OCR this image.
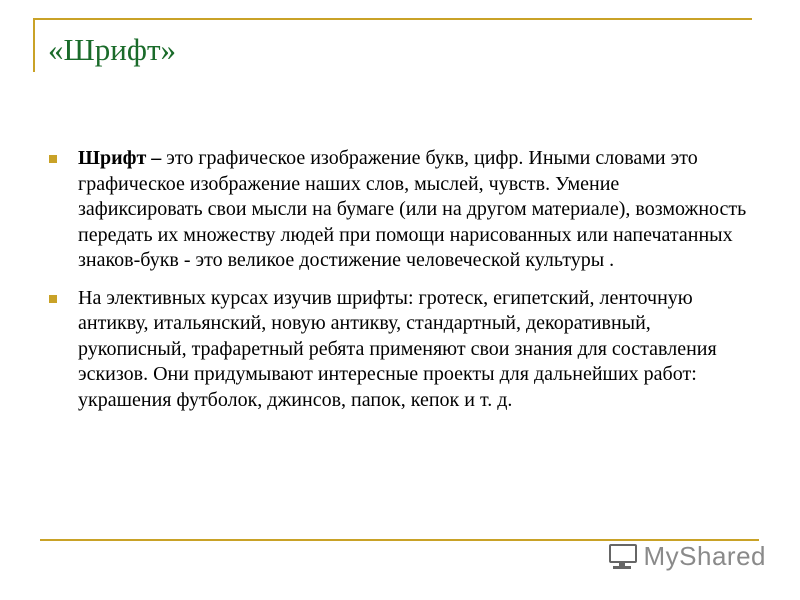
«Шрифт»
Шрифт – это графическое изображение букв, цифр. Иными словами это графическое изображение наших слов, мыслей, чувств. Умение зафиксировать свои мысли на бумаге (или на другом материале), возможность передать их множеству людей при помощи нарисованных или напечатанных знаков-букв - это великое достижение человеческой культуры .
На элективных курсах изучив шрифты: гротеск, египетский, ленточную антикву, итальянский, новую антикву, стандартный, декоративный, рукописный, трафаретный ребята применяют свои знания для составления эскизов. Они придумывают интересные проекты для дальнейших работ: украшения футболок, джинсов, папок, кепок и т. д.
MyShared
